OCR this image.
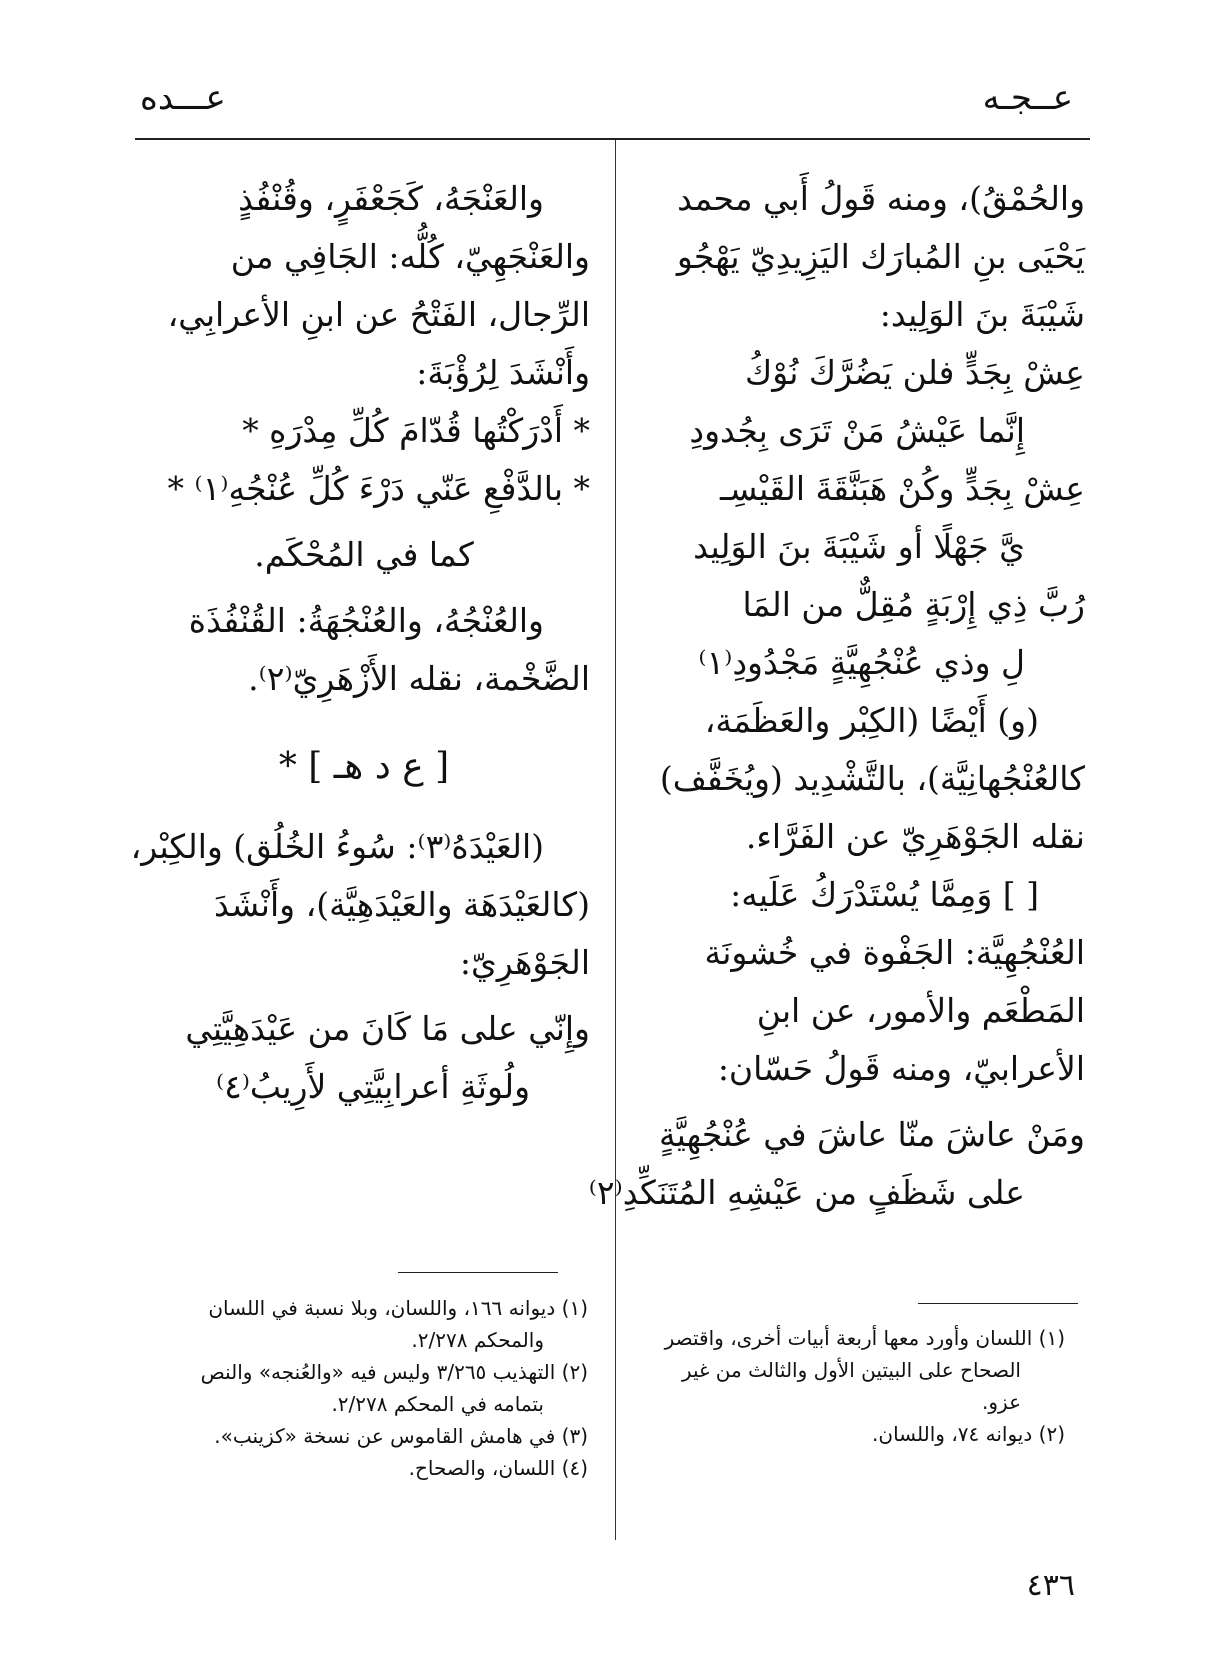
عــجـه
عـــده
والحُمْقُ)، ومنه قَولُ أَبي محمد
يَحْيَى بنِ المُبارَك اليَزِيدِيّ يَهْجُو
شَيْبَةَ بنَ الوَلِيد:
عِشْ بِجَدٍّ فلن يَضُرَّكَ نُوْكُ
إِنَّما عَيْشُ مَنْ تَرَى بِجُدودِ
عِشْ بِجَدٍّ وكُنْ هَبَنَّقَةَ القَيْسِـ
يَّ جَهْلًا أو شَيْبَةَ بنَ الوَلِيد
رُبَّ ذِي إِرْبَةٍ مُقِلٌّ من المَا
لِ وذي عُنْجُهِيَّةٍ مَجْدُودِ⁽١⁾
(و) أَيْضًا (الكِبْر والعَظَمَة،
كالعُنْجُهانِيَّة)، بالتَّشْدِيد (ويُخَفَّف)
نقله الجَوْهَرِيّ عن الفَرَّاء.
[ ] وَمِمَّا يُسْتَدْرَكُ عَلَيه:
العُنْجُهِيَّة: الجَفْوة في خُشونَة
المَطْعَم والأمور، عن ابنِ
الأعرابيّ، ومنه قَولُ حَسّان:
ومَنْ عاشَ منّا عاشَ في عُنْجُهِيَّةٍ
على شَظَفٍ من عَيْشِهِ المُتَنَكِّدِ⁽٢⁾
(١) اللسان وأورد معها أربعة أبيات أخرى، واقتصر
الصحاح على البيتين الأول والثالث من غير
عزو.
(٢) ديوانه ٧٤، واللسان.
والعَنْجَهُ، كَجَعْفَرٍ، وقُنْفُذٍ
والعَنْجَهِيّ، كُلُّه: الجَافِي من
الرِّجال، الفَتْحُ عن ابنِ الأعرابِي،
وأَنْشَدَ لِرُؤْبَةَ:
* أَدْرَكْتُها قُدّامَ كُلِّ مِدْرَهِ *
* بالدَّفْعِ عَنّي دَرْءَ كُلِّ عُنْجُهِ⁽١⁾ *
كما في المُحْكَم.
والعُنْجُهُ، والعُنْجُهَةُ: القُنْفُذَة
الضَّخْمة، نقله الأَزْهَرِيّ⁽٢⁾.
[ ع د هـ ] *
(العَيْدَهُ⁽٣⁾: سُوءُ الخُلُق) والكِبْر،
(كالعَيْدَهَة والعَيْدَهِيَّة)، وأَنْشَدَ
الجَوْهَرِيّ:
وإِنّي على مَا كَانَ من عَيْدَهِيَّتِي
ولُوثَةِ أعرابِيَّتِي لأَرِيبُ⁽٤⁾
(١) ديوانه ١٦٦، واللسان، وبلا نسبة في اللسان
والمحكم ٢/٢٧٨.
(٢) التهذيب ٣/٢٦٥ وليس فيه «والعُنجه» والنص
بتمامه في المحكم ٢/٢٧٨.
(٣) في هامش القاموس عن نسخة «كزينب».
(٤) اللسان، والصحاح.
٤٣٦
